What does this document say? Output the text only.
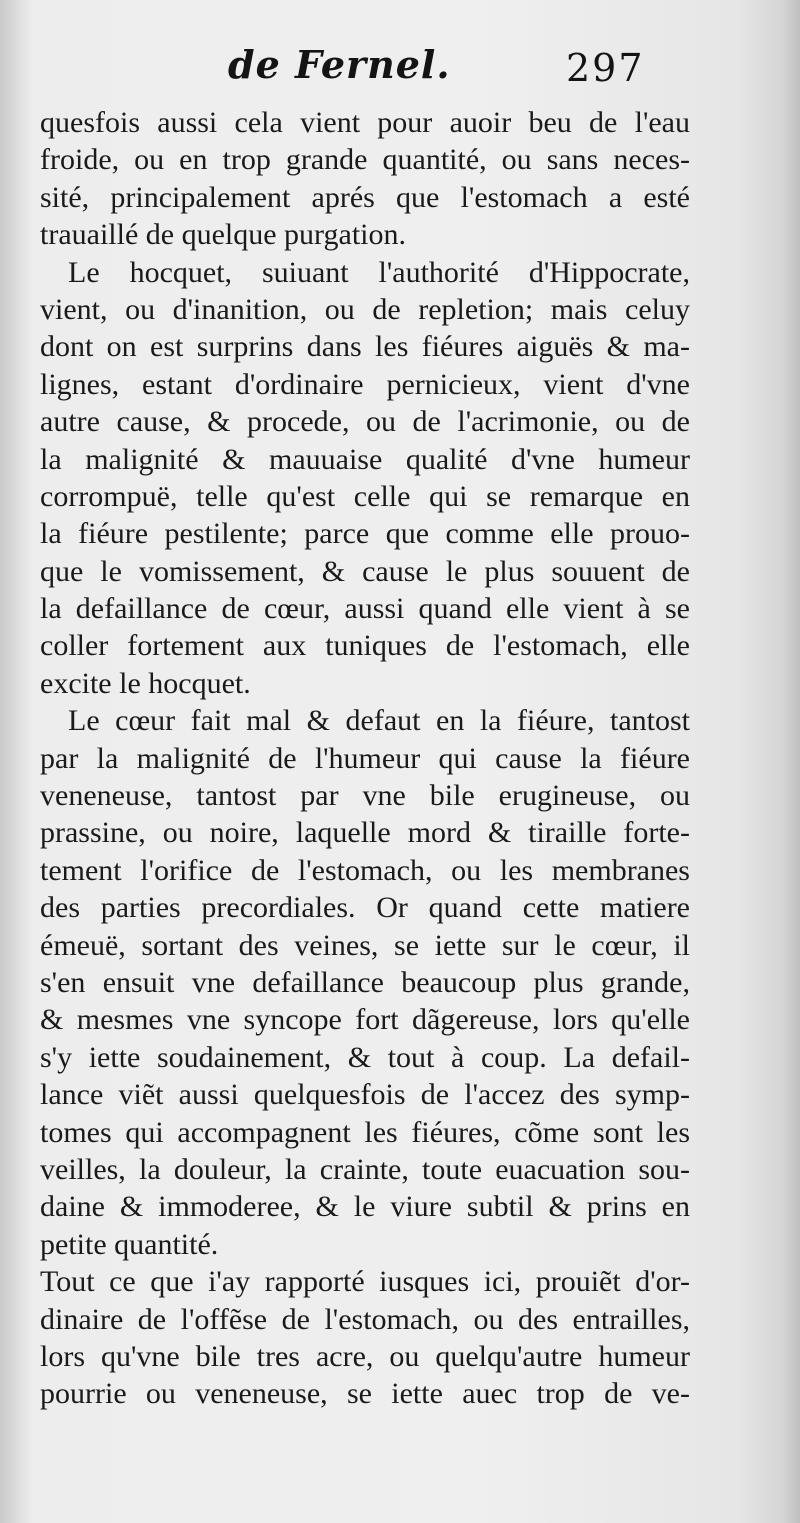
de Fernel.	297
quesfois aussi cela vient pour auoir beu de l'eau
froide, ou en trop grande quantité, ou sans neces-
sité, principalement aprés que l'estomach a esté
trauaillé de quelque purgation.
Le hocquet, suiuant l'authorité d'Hippocrate,
vient, ou d'inanition, ou de repletion; mais celuy
dont on est surprins dans les fiéures aiguës & ma-
lignes, estant d'ordinaire pernicieux, vient d'vne
autre cause, & procede, ou de l'acrimonie, ou de
la malignité & mauuaise qualité d'vne humeur
corrompuë, telle qu'est celle qui se remarque en
la fiéure pestilente; parce que comme elle prouo-
que le vomissement, & cause le plus souuent de
la defaillance de cœur, aussi quand elle vient à se
coller fortement aux tuniques de l'estomach, elle
excite le hocquet.
Le cœur fait mal & defaut en la fiéure, tantost
par la malignité de l'humeur qui cause la fiéure
veneneuse, tantost par vne bile erugineuse, ou
prassine, ou noire, laquelle mord & tiraille forte-
tement l'orifice de l'estomach, ou les membranes
des parties precordiales. Or quand cette matiere
émeuë, sortant des veines, se iette sur le cœur, il
s'en ensuit vne defaillance beaucoup plus grande,
& mesmes vne syncope fort dãgereuse, lors qu'elle
s'y iette soudainement, & tout à coup. La defail-
lance viẽt aussi quelquesfois de l'accez des symp-
tomes qui accompagnent les fiéures, cõme sont les
veilles, la douleur, la crainte, toute euacuation sou-
daine & immoderee, & le viure subtil & prins en
petite quantité.
Tout ce que i'ay rapporté iusques ici, prouiẽt d'or-
dinaire de l'offẽse de l'estomach, ou des entrailles,
lors qu'vne bile tres acre, ou quelqu'autre humeur
pourrie ou veneneuse, se iette auec trop de ve-
